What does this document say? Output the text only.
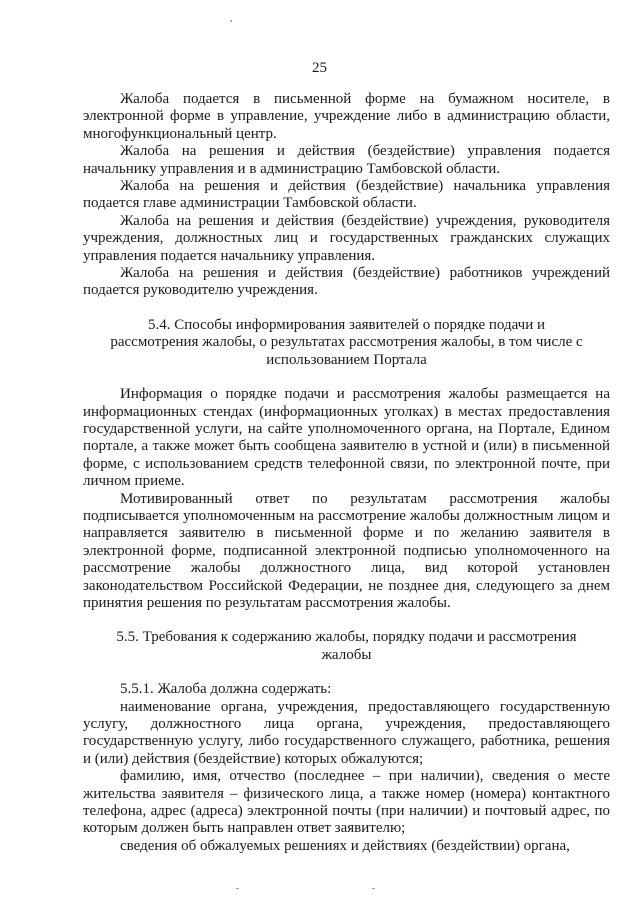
25

Жалоба подается в письменной форме на бумажном носителе, в электронной форме в управление, учреждение либо в администрацию области, многофункциональный центр.

Жалоба на решения и действия (бездействие) управления подается начальнику управления и в администрацию Тамбовской области.

Жалоба на решения и действия (бездействие) начальника управления подается главе администрации Тамбовской области.

Жалоба на решения и действия (бездействие) учреждения, руководителя учреждения, должностных лиц и государственных гражданских служащих управления подается начальнику управления.

Жалоба на решения и действия (бездействие) работников учреждений подается руководителю учреждения.

5.4. Способы информирования заявителей о порядке подачи и рассмотрения жалобы, о результатах рассмотрения жалобы, в том числе с использованием Портала

Информация о порядке подачи и рассмотрения жалобы размещается на информационных стендах (информационных уголках) в местах предоставления государственной услуги, на сайте уполномоченного органа, на Портале, Едином портале, а также может быть сообщена заявителю в устной и (или) в письменной форме, с использованием средств телефонной связи, по электронной почте, при личном приеме.

Мотивированный ответ по результатам рассмотрения жалобы подписывается уполномоченным на рассмотрение жалобы должностным лицом и направляется заявителю в письменной форме и по желанию заявителя в электронной форме, подписанной электронной подписью уполномоченного на рассмотрение жалобы должностного лица, вид которой установлен законодательством Российской Федерации, не позднее дня, следующего за днем принятия решения по результатам рассмотрения жалобы.

5.5. Требования к содержанию жалобы, порядку подачи и рассмотрения жалобы

5.5.1. Жалоба должна содержать:

наименование органа, учреждения, предоставляющего государственную услугу, должностного лица органа, учреждения, предоставляющего государственную услугу, либо государственного служащего, работника, решения и (или) действия (бездействие) которых обжалуются;

фамилию, имя, отчество (последнее – при наличии), сведения о месте жительства заявителя – физического лица, а также номер (номера) контактного телефона, адрес (адреса) электронной почты (при наличии) и почтовый адрес, по которым должен быть направлен ответ заявителю;

сведения об обжалуемых решениях и действиях (бездействии) органа,
